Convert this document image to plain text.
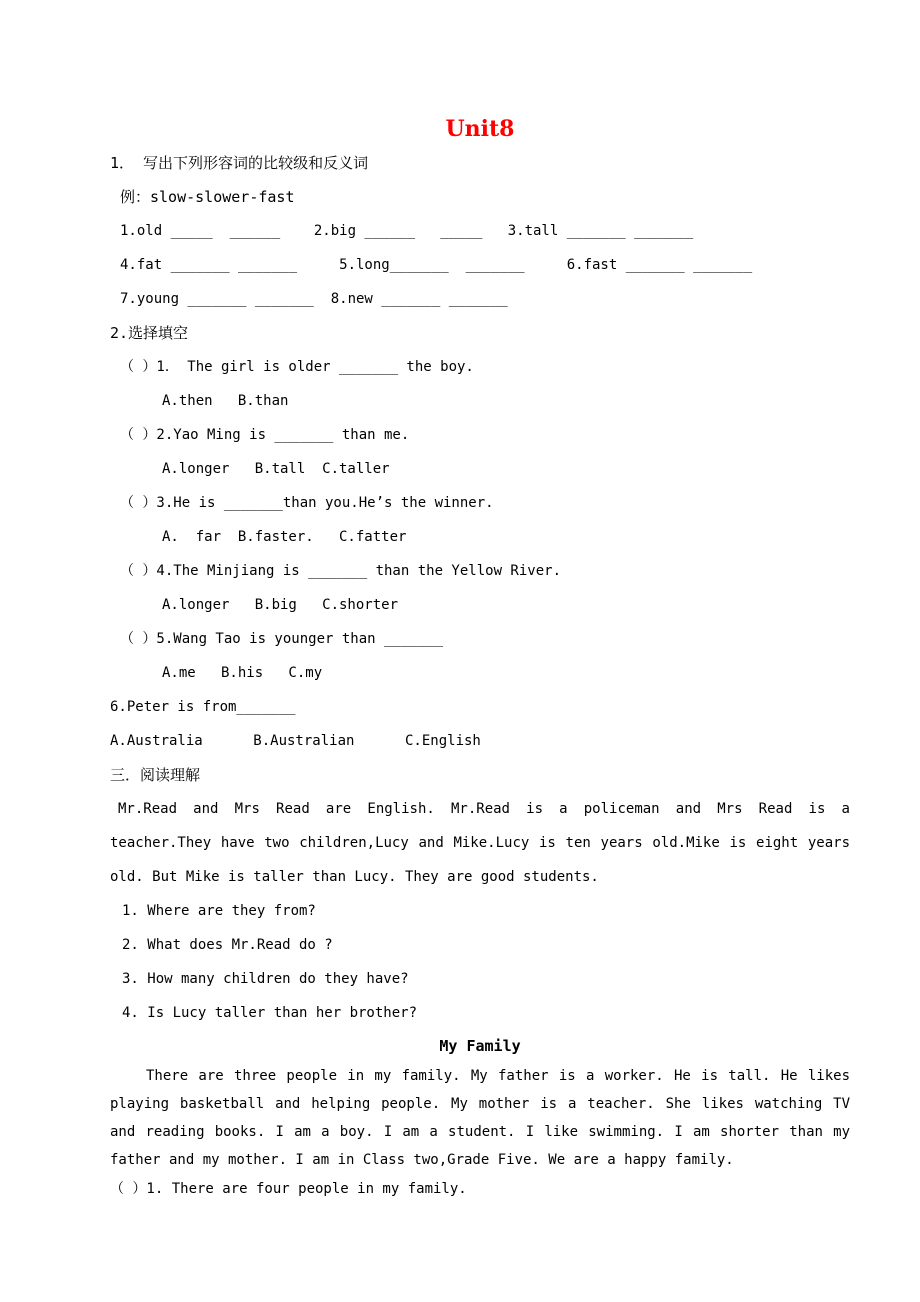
Unit8
1． 写出下列形容词的比较级和反义词
例：slow-slower-fast
1.old _____  ______    2.big ______   _____   3.tall _______ _______
4.fat _______ _______     5.long_______  _______     6.fast _______ _______
7.young _______ _______  8.new _______ _______
2.选择填空
（ ）1． The girl is older _______ the boy.
A.then   B.than
（ ）2.Yao Ming is _______ than me.
A.longer   B.tall  C.taller
（ ）3.He is _______than you.He’s the winner.
A.  far  B.faster.   C.fatter
（ ）4.The Minjiang is _______ than the Yellow River.
A.longer   B.big   C.shorter
（ ）5.Wang Tao is younger than _______
A.me   B.his   C.my
6.Peter is from_______
A.Australia      B.Australian      C.English
三．阅读理解
Mr.Read and Mrs Read are English. Mr.Read is a policeman and Mrs Read is a teacher.They have two children,Lucy and Mike.Lucy is ten years old.Mike is eight years old. But Mike is taller than Lucy. They are good students.
1. Where are they from?
2. What does Mr.Read do ?
3. How many children do they have?
4. Is Lucy taller than her brother?
My Family
There are three people in my family. My father is a worker. He is tall. He likes playing basketball and helping people. My mother is a teacher. She likes watching TV and reading books. I am a boy. I am a student. I like swimming. I am shorter than my father and my mother. I am in Class two,Grade Five. We are a happy family.
（ ）1. There are four people in my family.
